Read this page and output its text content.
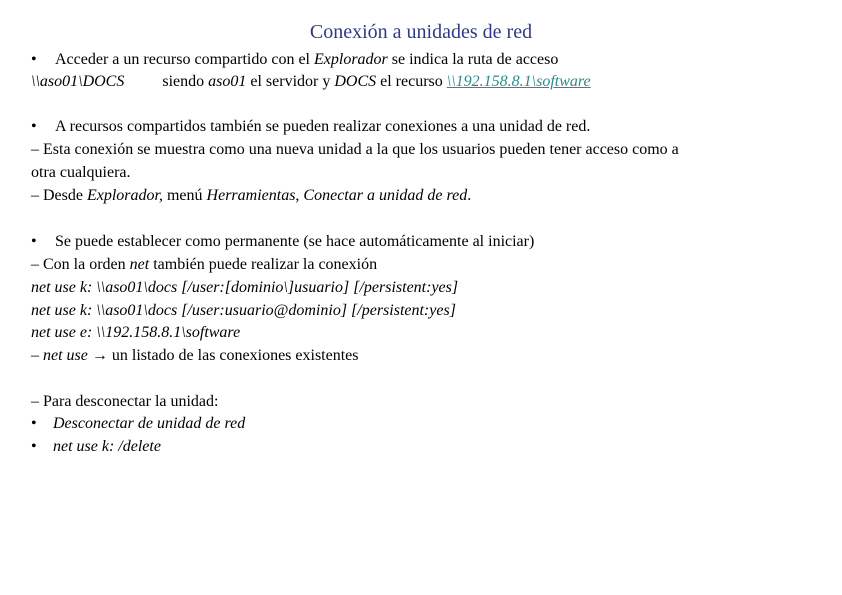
Conexión a unidades de red
• Acceder a un recurso compartido con el Explorador se indica la ruta de acceso
\\aso01\DOCS siendo aso01 el servidor y DOCS el recurso \\192.158.8.1\software
• A recursos compartidos también se pueden realizar conexiones a una unidad de red.
– Esta conexión se muestra como una nueva unidad a la que los usuarios pueden tener acceso como a
otra cualquiera.
– Desde Explorador, menú Herramientas, Conectar a unidad de red.
• Se puede establecer como permanente (se hace automáticamente al iniciar)
– Con la orden net también puede realizar la conexión
net use k: \\aso01\docs [/user:[dominio\]usuario] [/persistent:yes]
net use k: \\aso01\docs [/user:usuario@dominio] [/persistent:yes]
net use e: \\192.158.8.1\software
– net use → un listado de las conexiones existentes
– Para desconectar la unidad:
• Desconectar de unidad de red
• net use k: /delete
